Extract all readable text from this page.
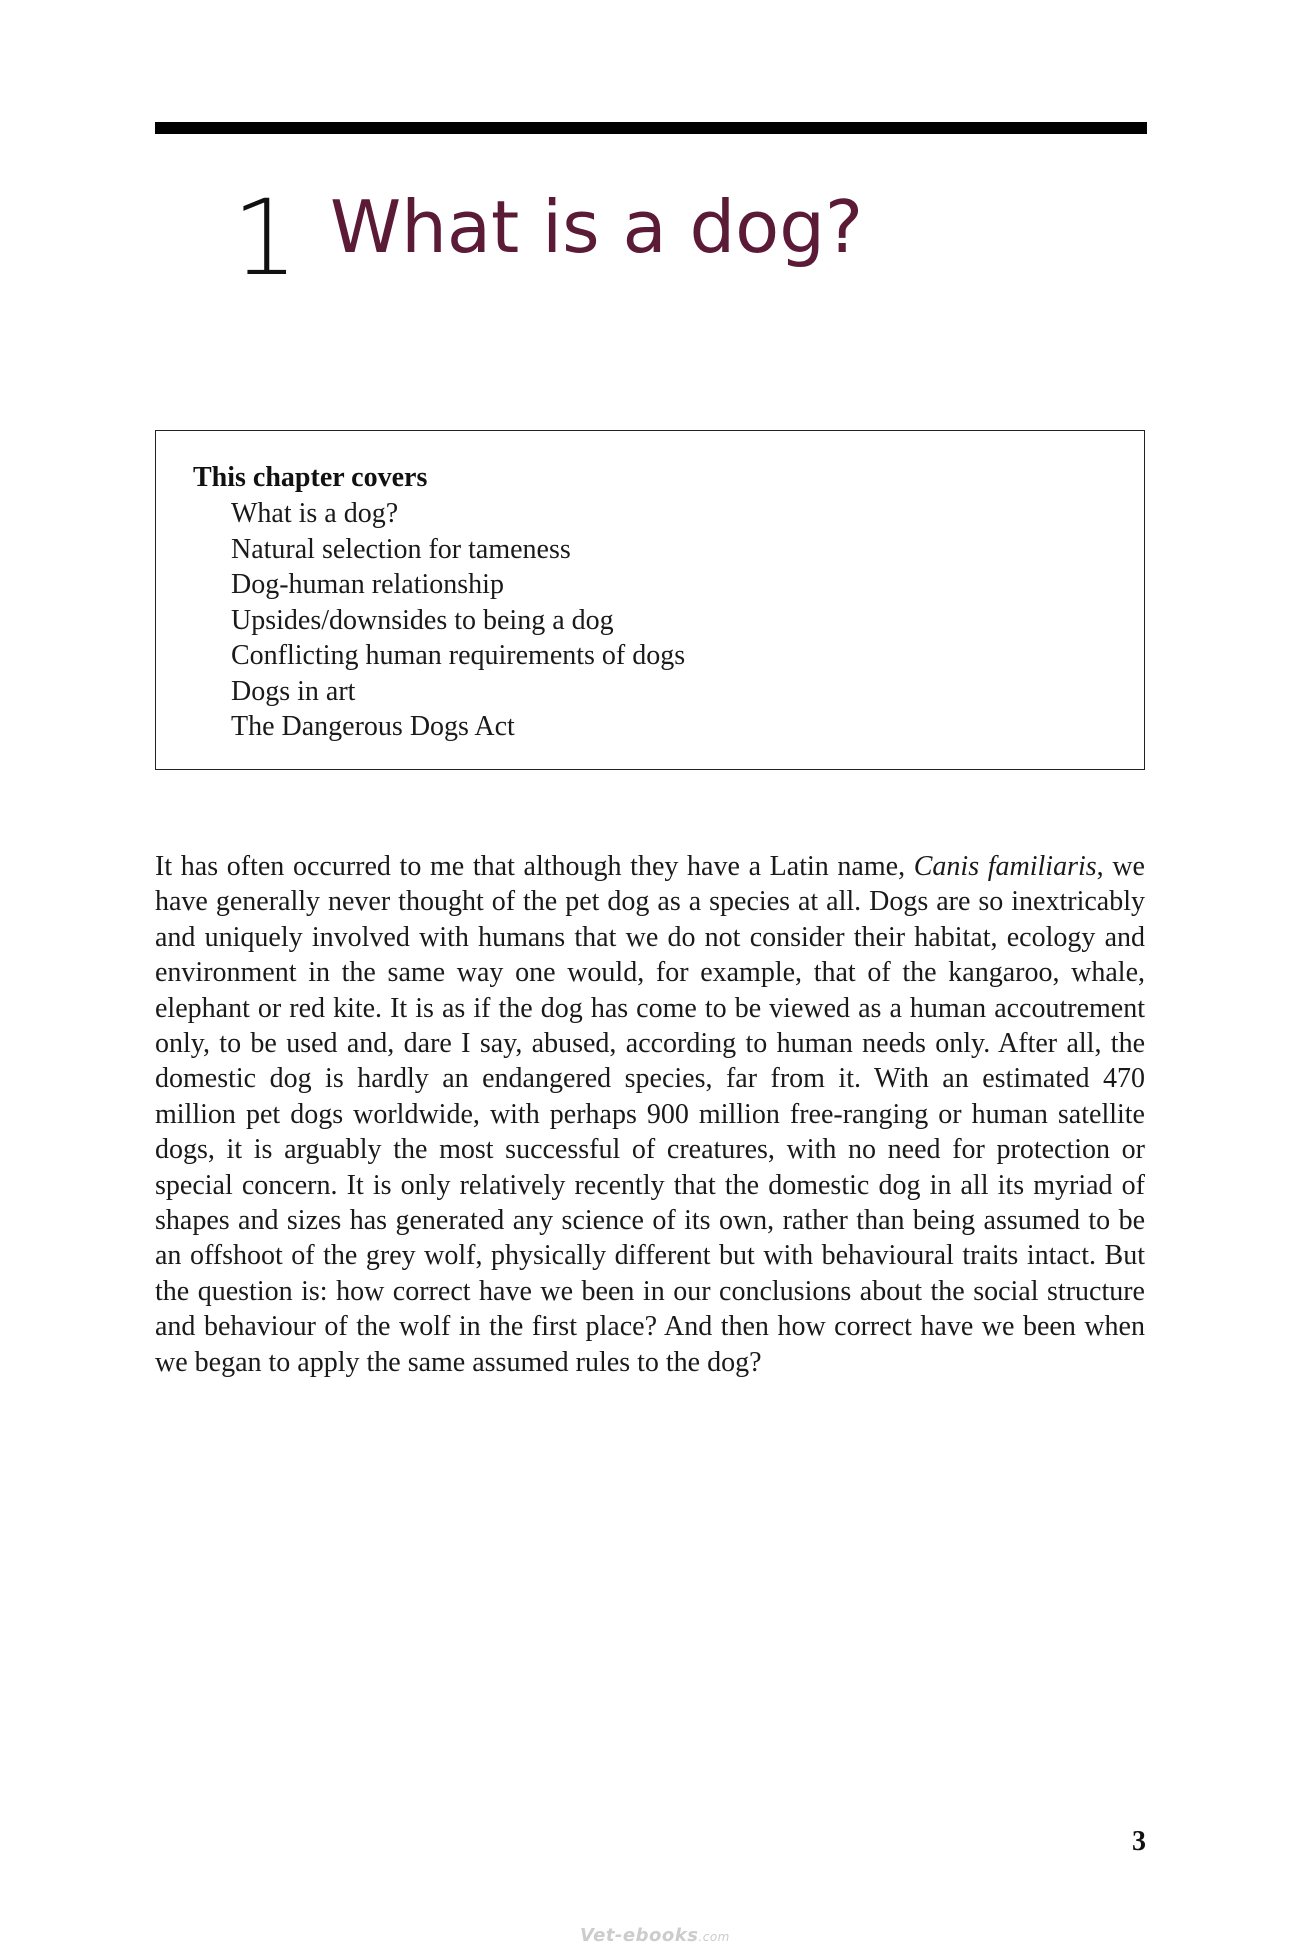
1 What is a dog?
This chapter covers
What is a dog?
Natural selection for tameness
Dog-human relationship
Upsides/downsides to being a dog
Conflicting human requirements of dogs
Dogs in art
The Dangerous Dogs Act

It has often occurred to me that although they have a Latin name, Canis familiaris, we have generally never thought of the pet dog as a species at all. Dogs are so inextricably and uniquely involved with humans that we do not consider their habitat, ecology and environment in the same way one would, for example, that of the kangaroo, whale, elephant or red kite. It is as if the dog has come to be viewed as a human accoutrement only, to be used and, dare I say, abused, according to human needs only. After all, the domestic dog is hardly an endangered species, far from it. With an estimated 470 million pet dogs worldwide, with perhaps 900 million free-ranging or human satellite dogs, it is arguably the most successful of creatures, with no need for protection or special concern. It is only relatively recently that the domestic dog in all its myriad of shapes and sizes has generated any science of its own, rather than being assumed to be an offshoot of the grey wolf, physically different but with behavioural traits intact. But the question is: how correct have we been in our conclusions about the social structure and behaviour of the wolf in the first place? And then how correct have we been when we began to apply the same assumed rules to the dog?

3
Vet-ebooks.com
